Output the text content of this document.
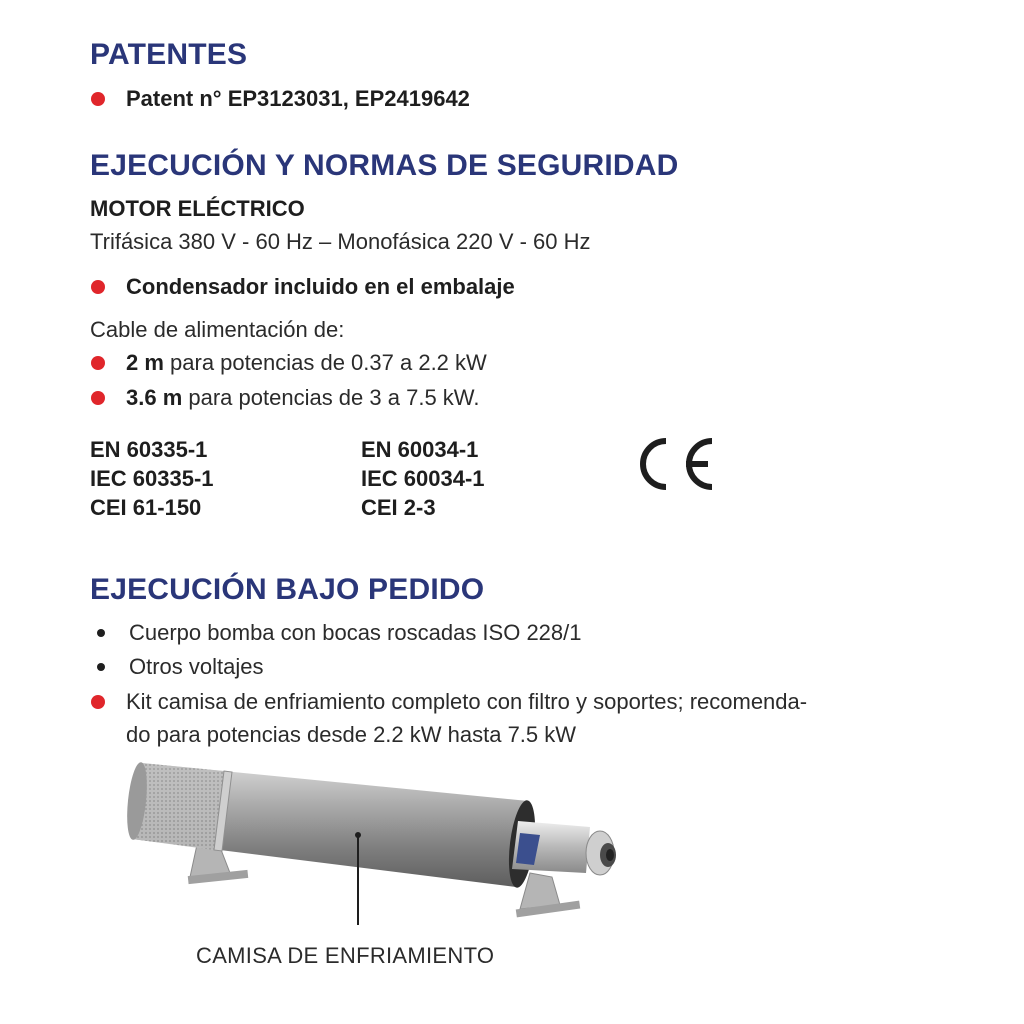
PATENTES
Patent n° EP3123031, EP2419642
EJECUCIÓN Y NORMAS DE SEGURIDAD
MOTOR ELÉCTRICO
Trifásica 380 V - 60 Hz – Monofásica 220 V - 60 Hz
Condensador incluido en el embalaje
Cable de alimentación de:
2 m para potencias de 0.37 a 2.2 kW
3.6 m para potencias de 3 a 7.5 kW.
EN 60335-1
IEC 60335-1
CEI 61-150
EN 60034-1
IEC 60034-1
CEI 2-3
EJECUCIÓN BAJO PEDIDO
Cuerpo bomba con bocas roscadas ISO 228/1
Otros voltajes
Kit camisa de enfriamiento completo con filtro y soportes; recomenda-
do para potencias desde 2.2 kW hasta 7.5 kW
CAMISA DE ENFRIAMIENTO
